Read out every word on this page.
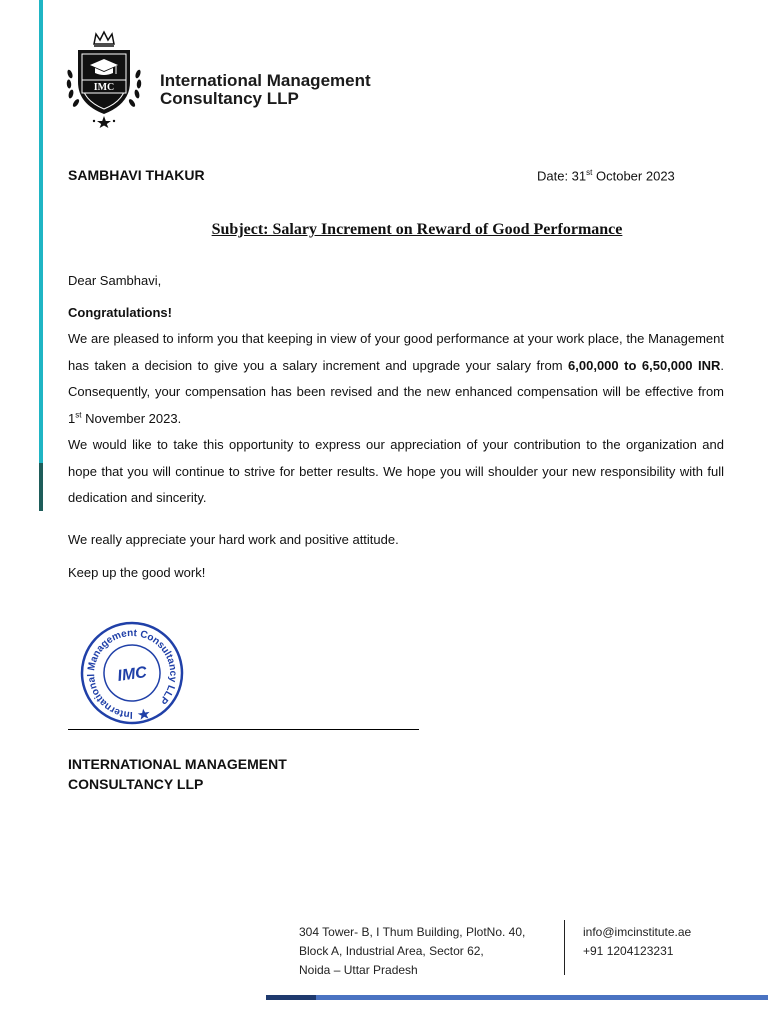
IMC	International Management
Consultancy LLP
SAMBHAVI THAKUR	Date: 31st October 2023
Subject: Salary Increment on Reward of Good Performance
Dear Sambhavi,
Congratulations!
We are pleased to inform you that keeping in view of your good performance at your work place, the Management has taken a decision to give you a salary increment and upgrade your salary from 6,00,000 to 6,50,000 INR. Consequently, your compensation has been revised and the new enhanced compensation will be effective from 1st November 2023.
We would like to take this opportunity to express our appreciation of your contribution to the organization and hope that you will continue to strive for better results. We hope you will shoulder your new responsibility with full dedication and sincerity.
We really appreciate your hard work and positive attitude.
Keep up the good work!
International Management Consultancy LLP
IMC
INTERNATIONAL MANAGEMENT
CONSULTANCY LLP
304 Tower- B, I Thum Building, PlotNo. 40,
Block A, Industrial Area, Sector 62,
Noida – Uttar Pradesh
info@imcinstitute.ae
+91 1204123231
